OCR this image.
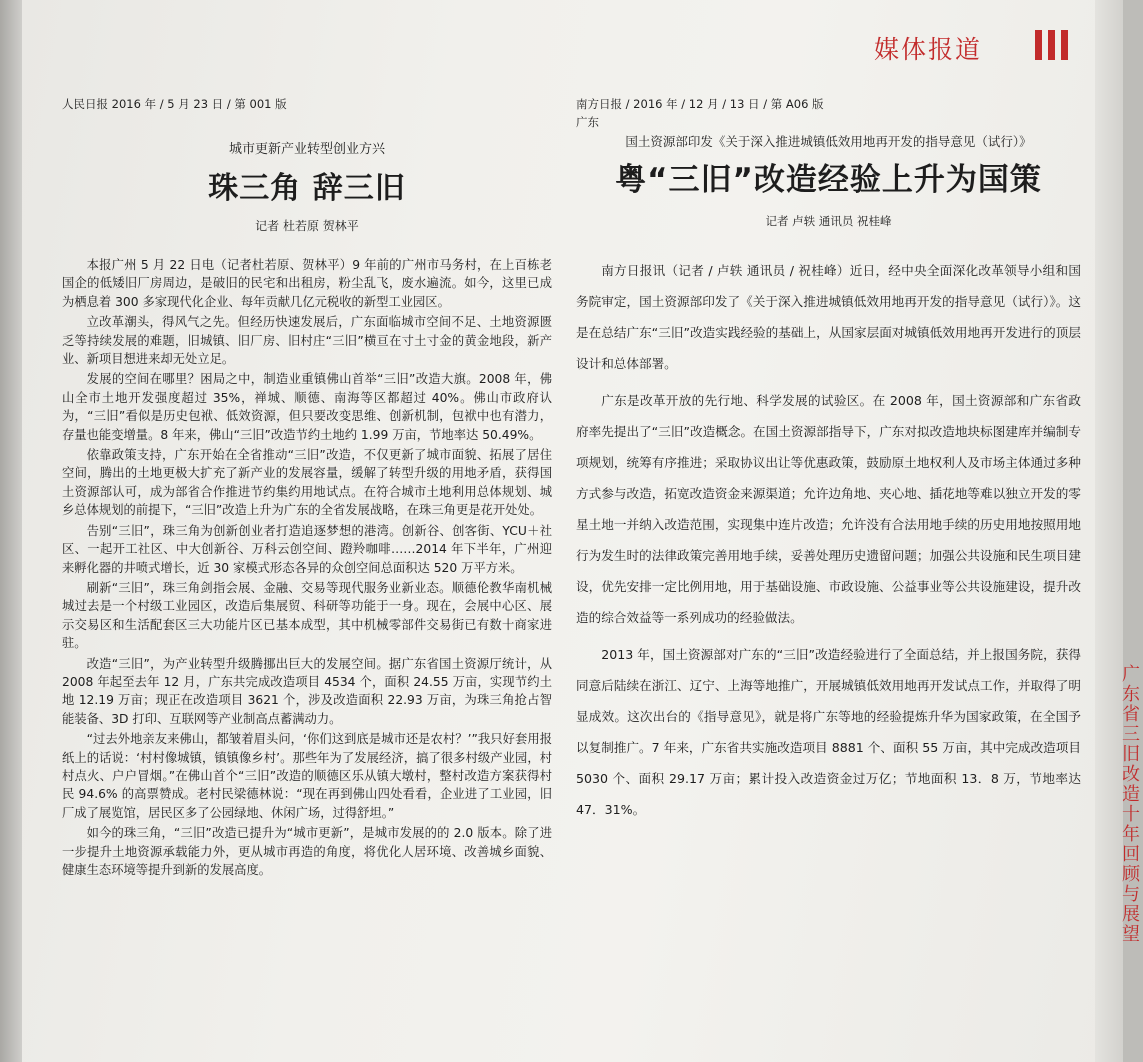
媒体报道
广东省三旧改造十年回顾与展望
人民日报 2016 年 / 5 月 23 日 / 第 001 版
城市更新产业转型创业方兴
珠三角 辞三旧
记者 杜若原 贺林平

本报广州 5 月 22 日电（记者杜若原、贺林平）9 年前的广州市马务村，在上百栋老国企的低矮旧厂房周边，是破旧的民宅和出租房，粉尘乱飞，废水遍流。如今，这里已成为栖息着 300 多家现代化企业、每年贡献几亿元税收的新型工业园区。

立改革潮头，得风气之先。但经历快速发展后，广东面临城市空间不足、土地资源匮乏等持续发展的难题，旧城镇、旧厂房、旧村庄“三旧”横亘在寸土寸金的黄金地段，新产业、新项目想进来却无处立足。

发展的空间在哪里？困局之中，制造业重镇佛山首举“三旧”改造大旗。2008 年，佛山全市土地开发强度超过 35%，禅城、顺德、南海等区都超过 40%。佛山市政府认为，“三旧”看似是历史包袱、低效资源，但只要改变思维、创新机制，包袱中也有潜力，存量也能变增量。8 年来，佛山“三旧”改造节约土地约 1.99 万亩，节地率达 50.49%。

依靠政策支持，广东开始在全省推动“三旧”改造，不仅更新了城市面貌、拓展了居住空间，腾出的土地更极大扩充了新产业的发展容量，缓解了转型升级的用地矛盾，获得国土资源部认可，成为部省合作推进节约集约用地试点。在符合城市土地利用总体规划、城乡总体规划的前提下，“三旧”改造上升为广东的全省发展战略，在珠三角更是花开处处。

告别“三旧”，珠三角为创新创业者打造追逐梦想的港湾。创新谷、创客街、YCU＋社区、一起开工社区、中大创新谷、万科云创空间、蹬羚咖啡……2014 年下半年，广州迎来孵化器的井喷式增长，近 30 家模式形态各异的众创空间总面积达 520 万平方米。

刷新“三旧”，珠三角剑指会展、金融、交易等现代服务业新业态。顺德伦教华南机械城过去是一个村级工业园区，改造后集展贸、科研等功能于一身。现在，会展中心区、展示交易区和生活配套区三大功能片区已基本成型，其中机械零部件交易街已有数十商家进驻。

改造“三旧”，为产业转型升级腾挪出巨大的发展空间。据广东省国土资源厅统计，从 2008 年起至去年 12 月，广东共完成改造项目 4534 个，面积 24.55 万亩，实现节约土地 12.19 万亩；现正在改造项目 3621 个，涉及改造面积 22.93 万亩，为珠三角抢占智能装备、3D 打印、互联网等产业制高点蓄满动力。

“过去外地亲友来佛山，都皱着眉头问，‘你们这到底是城市还是农村？’”我只好套用报纸上的话说：‘村村像城镇，镇镇像乡村’。那些年为了发展经济，搞了很多村级产业园，村村点火、户户冒烟。”在佛山首个“三旧”改造的顺德区乐从镇大墩村，整村改造方案获得村民 94.6% 的高票赞成。老村民梁德林说：“现在再到佛山四处看看，企业进了工业园，旧厂成了展览馆，居民区多了公园绿地、休闲广场，过得舒坦。”

如今的珠三角，“三旧”改造已提升为“城市更新”，是城市发展的的 2.0 版本。除了进一步提升土地资源承载能力外，更从城市再造的角度，将优化人居环境、改善城乡面貌、健康生态环境等提升到新的发展高度。

南方日报 / 2016 年 / 12 月 / 13 日 / 第 A06 版
广东
国土资源部印发《关于深入推进城镇低效用地再开发的指导意见（试行）》
粤“三旧”改造经验上升为国策
记者 卢轶 通讯员 祝桂峰

南方日报讯（记者 / 卢轶 通讯员 / 祝桂峰）近日，经中央全面深化改革领导小组和国务院审定，国土资源部印发了《关于深入推进城镇低效用地再开发的指导意见（试行）》。这是在总结广东“三旧”改造实践经验的基础上，从国家层面对城镇低效用地再开发进行的顶层设计和总体部署。

广东是改革开放的先行地、科学发展的试验区。在 2008 年，国土资源部和广东省政府率先提出了“三旧”改造概念。在国土资源部指导下，广东对拟改造地块标图建库并编制专项规划，统筹有序推进；采取协议出让等优惠政策，鼓励原土地权利人及市场主体通过多种方式参与改造，拓宽改造资金来源渠道；允许边角地、夹心地、插花地等难以独立开发的零星土地一并纳入改造范围，实现集中连片改造；允许没有合法用地手续的历史用地按照用地行为发生时的法律政策完善用地手续，妥善处理历史遗留问题；加强公共设施和民生项目建设，优先安排一定比例用地，用于基础设施、市政设施、公益事业等公共设施建设，提升改造的综合效益等一系列成功的经验做法。

2013 年，国土资源部对广东的“三旧”改造经验进行了全面总结，并上报国务院，获得同意后陆续在浙江、辽宁、上海等地推广，开展城镇低效用地再开发试点工作，并取得了明显成效。这次出台的《指导意见》，就是将广东等地的经验提炼升华为国家政策，在全国予以复制推广。7 年来，广东省共实施改造项目 8881 个、面积 55 万亩，其中完成改造项目 5030 个、面积 29.17 万亩；累计投入改造资金过万亿；节地面积 13．8 万，节地率达 47．31%。
